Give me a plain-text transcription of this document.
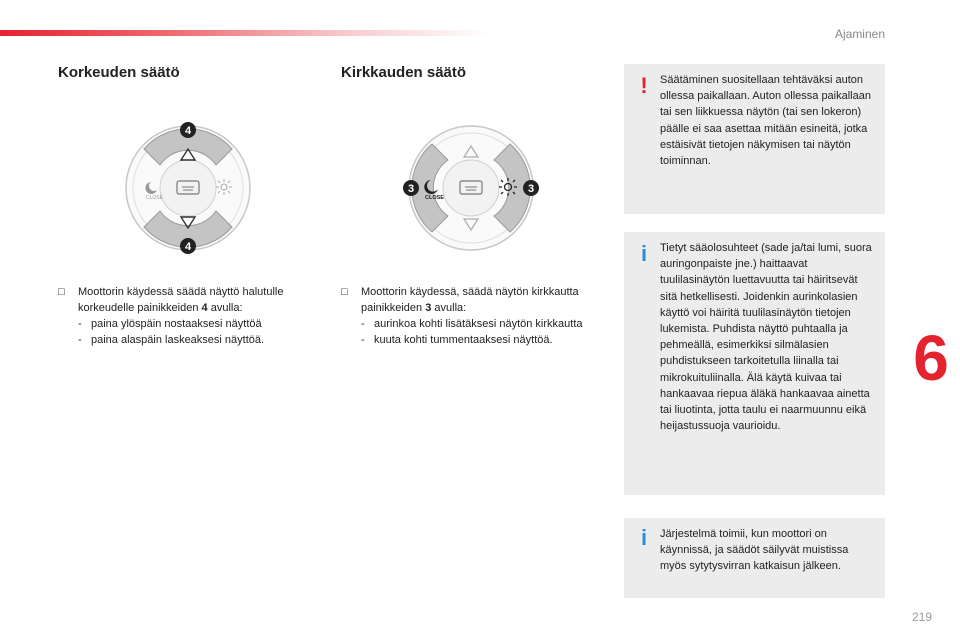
Ajaminen
Korkeuden säätö
CLOSE
4
4
□	Moottorin käydessä säädä näyttö halutulle korkeudelle painikkeiden 4 avulla:
- paina ylöspäin nostaaksesi näyttöä
- paina alaspäin laskeaksesi näyttöä.
Kirkkauden säätö
CLOSE
3	3
□	Moottorin käydessä, säädä näytön kirkkautta painikkeiden 3 avulla:
- aurinkoa kohti lisätäksesi näytön kirkkautta
- kuuta kohti tummentaaksesi näyttöä.
!	Säätäminen suositellaan tehtäväksi auton ollessa paikallaan. Auton ollessa paikallaan tai sen liikkuessa näytön (tai sen lokeron) päälle ei saa asettaa mitään esineitä, jotka estäisivät tietojen näkymisen tai näytön toiminnan.
i	Tietyt sääolosuhteet (sade ja/tai lumi, suora auringonpaiste jne.) haittaavat tuulilasinäytön luettavuutta tai häiritsevät sitä hetkellisesti. Joidenkin aurinkolasien käyttö voi häiritä tuulilasinäytön tietojen lukemista. Puhdista näyttö puhtaalla ja pehmeällä, esimerkiksi silmälasien puhdistukseen tarkoitetulla liinalla tai mikrokuituliinalla. Älä käytä kuivaa tai hankaavaa riepua äläkä hankaavaa ainetta tai liuotinta, jotta taulu ei naarmuunnu eikä heijastussuoja vaurioidu.
i	Järjestelmä toimii, kun moottori on käynnissä, ja säädöt säilyvät muistissa myös sytytysvirran katkaisun jälkeen.
6
219
